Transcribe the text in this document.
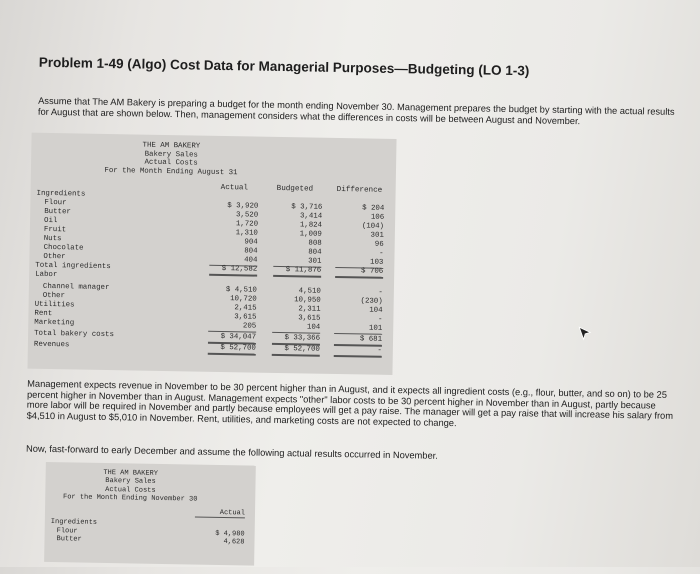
Problem 1-49 (Algo) Cost Data for Managerial Purposes—Budgeting (LO 1-3)

Assume that The AM Bakery is preparing a budget for the month ending November 30. Management prepares the budget by starting with the actual results for August that are shown below. Then, management considers what the differences in costs will be between August and November.

THE AM BAKERY
Bakery Sales
Actual Costs
For the Month Ending August 31
Actual	Budgeted	Difference
Ingredients
Flour	$ 3,920	$ 3,716	$ 204
Butter	3,520	3,414	106
Oil	1,720	1,824	(104)
Fruit	1,310	1,009	301
Nuts	904	808	96
Chocolate	804	804	-
Other	404	301	103
Total ingredients	$ 12,582	$ 11,876	$ 706
Labor
Channel manager	$ 4,510	4,510	-
Other	10,720	10,950	(230)
Utilities	2,415	2,311	104
Rent	3,615	3,615	-
Marketing	205	104	101
Total bakery costs	$ 34,047	$ 33,366	$ 681
Revenues	$ 52,700	$ 52,700	-

Management expects revenue in November to be 30 percent higher than in August, and it expects all ingredient costs (e.g., flour, butter, and so on) to be 25 percent higher in November than in August. Management expects "other" labor costs to be 30 percent higher in November than in August, partly because more labor will be required in November and partly because employees will get a pay raise. The manager will get a pay raise that will increase his salary from $4,510 in August to $5,010 in November. Rent, utilities, and marketing costs are not expected to change.

Now, fast-forward to early December and assume the following actual results occurred in November.

THE AM BAKERY
Bakery Sales
Actual Costs
For the Month Ending November 30
Actual
Ingredients
Flour	$ 4,980
Butter	4,628
